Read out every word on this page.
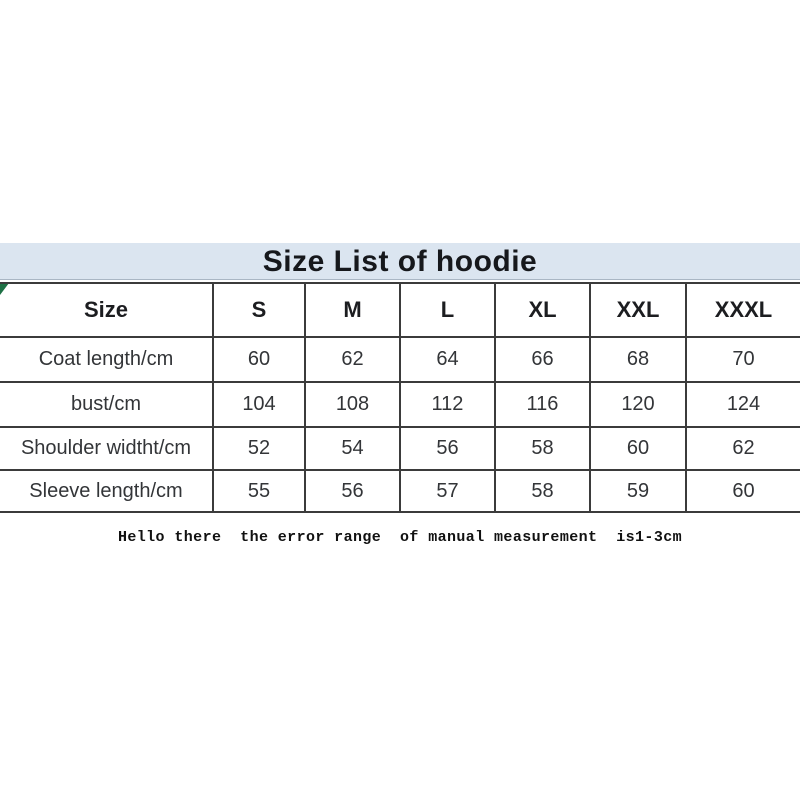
Size List of hoodie
Size	S	M	L	XL	XXL	XXXL
Coat length/cm	60	62	64	66	68	70
bust/cm	104	108	112	116	120	124
Shoulder widtht/cm	52	54	56	58	60	62
Sleeve length/cm	55	56	57	58	59	60
Hello there  the error range  of manual measurement  is1-3cm
